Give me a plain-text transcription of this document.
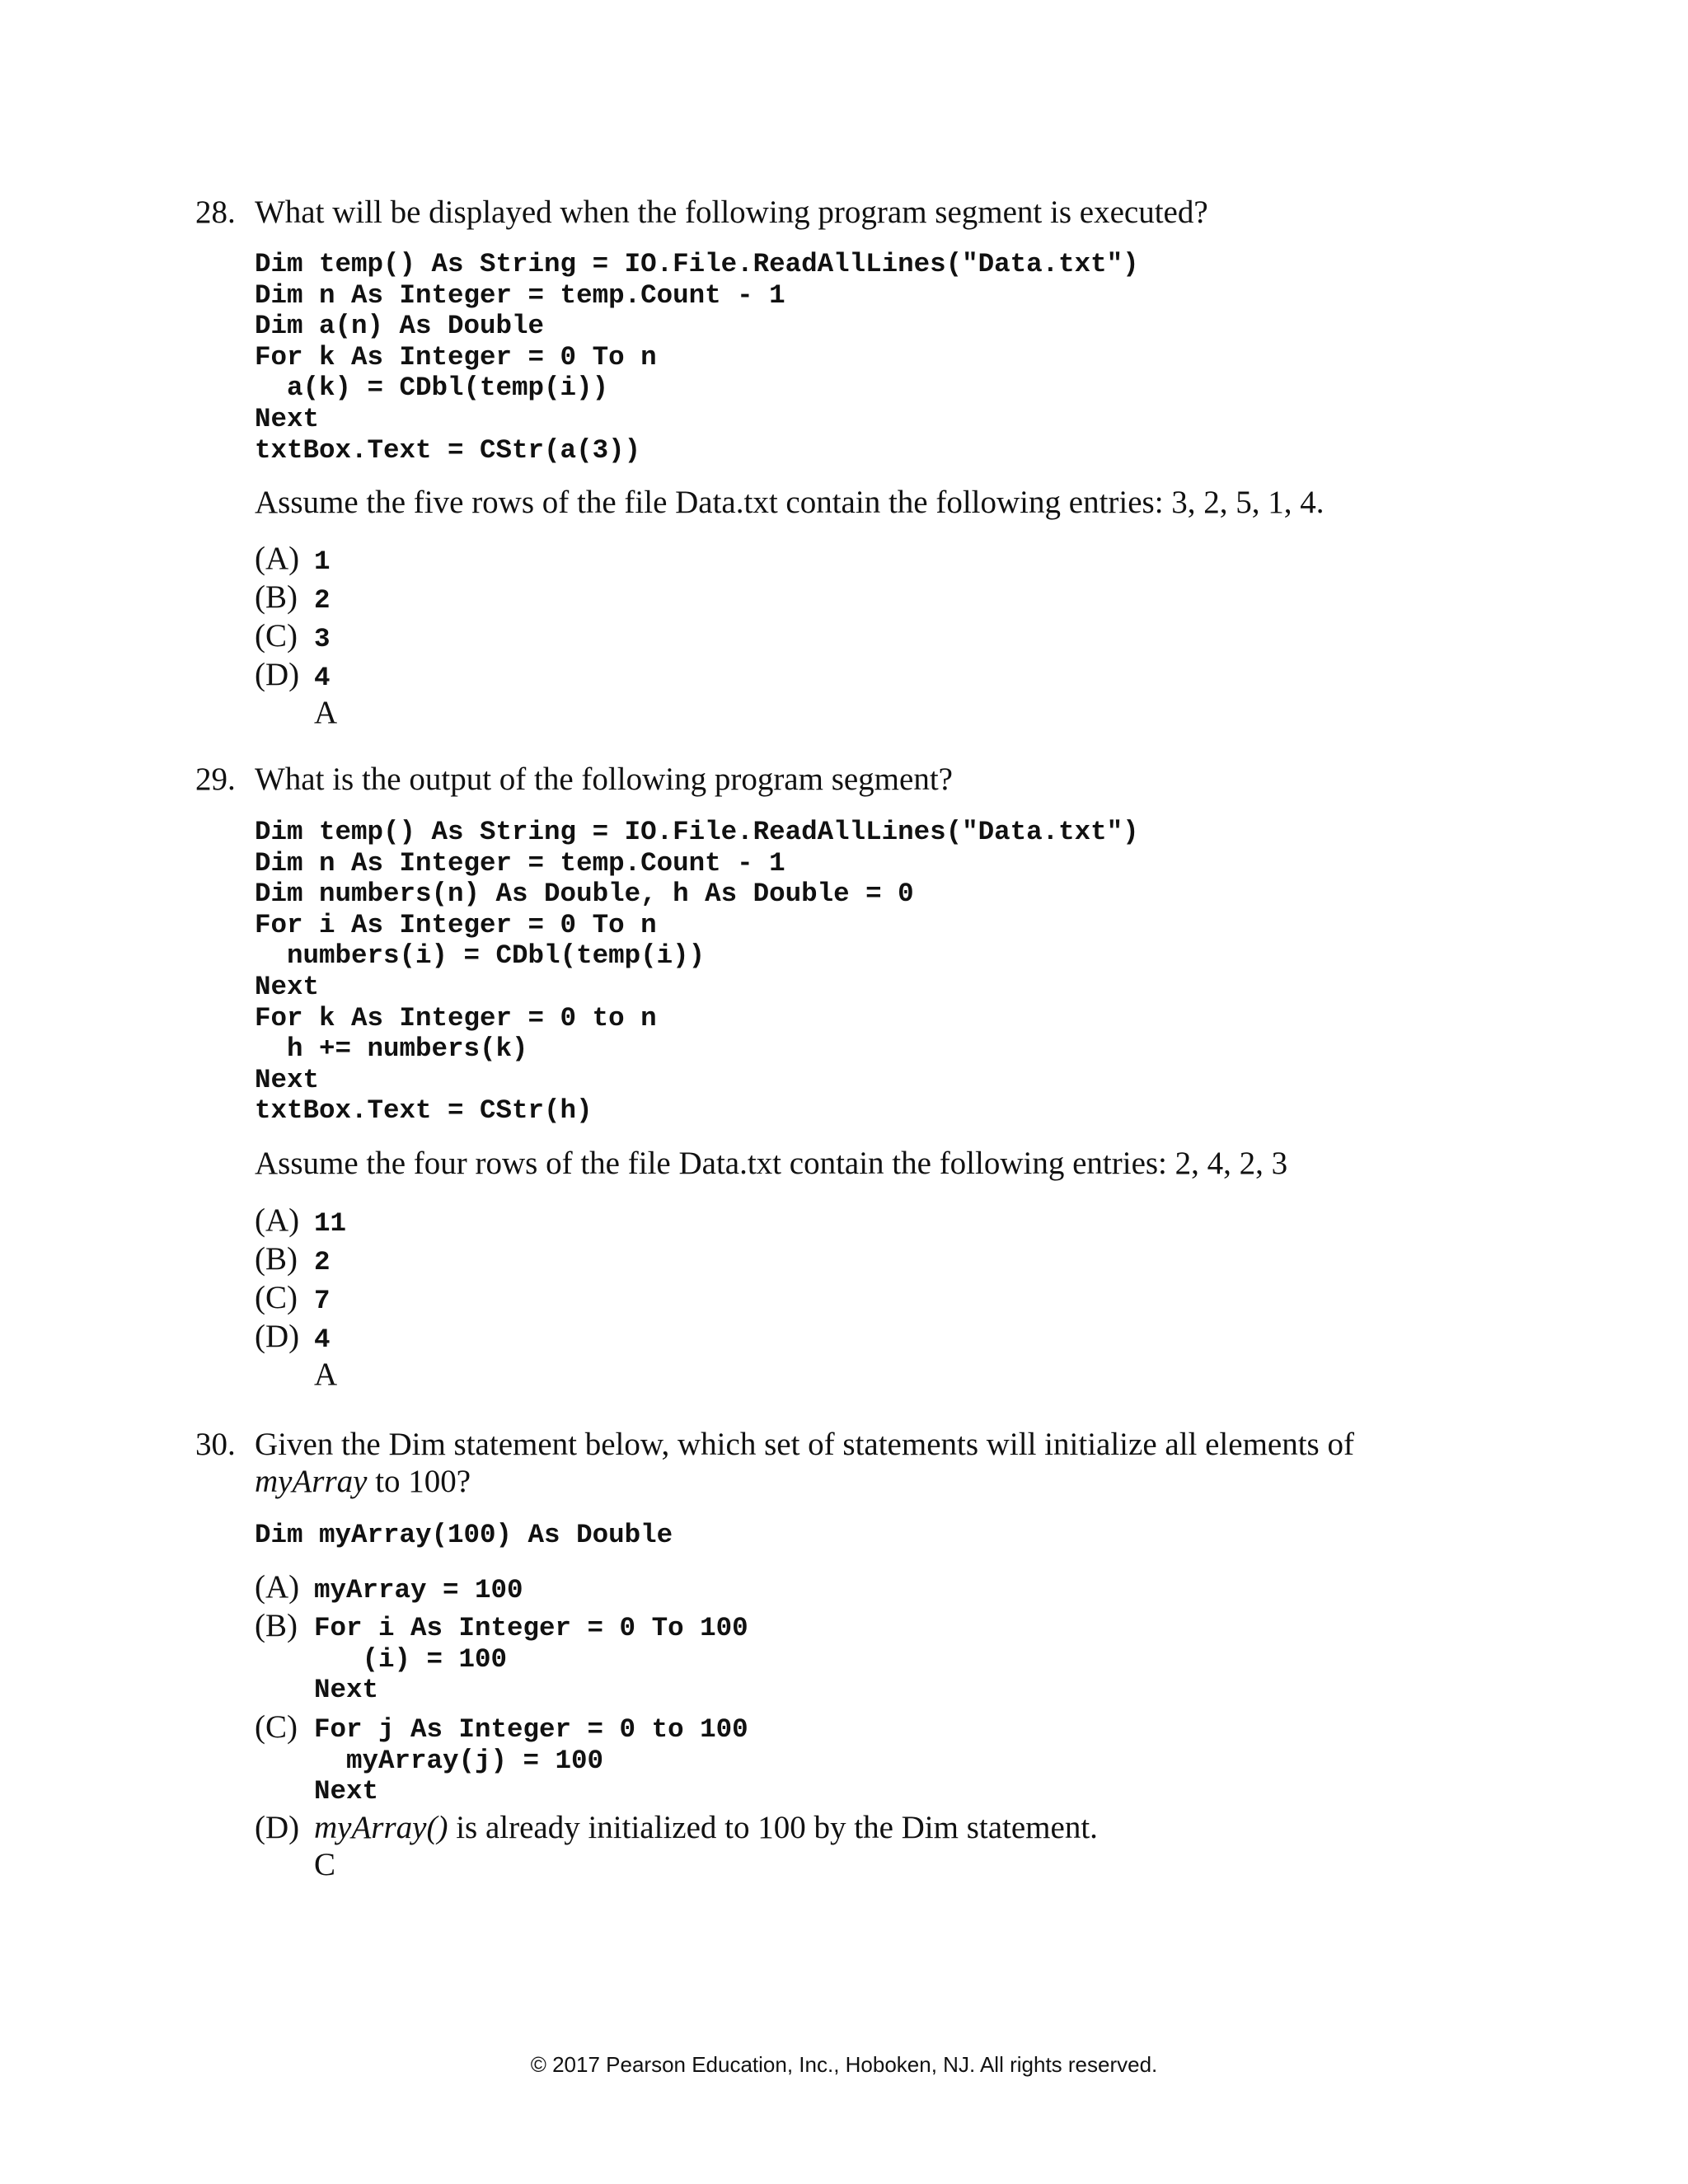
28. What will be displayed when the following program segment is executed?
Dim temp() As String = IO.File.ReadAllLines("Data.txt")
Dim n As Integer = temp.Count - 1
Dim a(n) As Double
For k As Integer = 0 To n
a(k) = CDbl(temp(i))
Next
txtBox.Text = CStr(a(3))
Assume the five rows of the file Data.txt contain the following entries: 3, 2, 5, 1, 4.
(A) 1
(B) 2
(C) 3
(D) 4
A
29. What is the output of the following program segment?
Dim temp() As String = IO.File.ReadAllLines("Data.txt")
Dim n As Integer = temp.Count - 1
Dim numbers(n) As Double, h As Double = 0
For i As Integer = 0 To n
numbers(i) = CDbl(temp(i))
Next
For k As Integer = 0 to n
h += numbers(k)
Next
txtBox.Text = CStr(h)
Assume the four rows of the file Data.txt contain the following entries: 2, 4, 2, 3
(A) 11
(B) 2
(C) 7
(D) 4
A
30. Given the Dim statement below, which set of statements will initialize all elements of
myArray to 100?
Dim myArray(100) As Double
(A) myArray = 100
(B) For i As Integer = 0 To 100
(i) = 100
Next
(C) For j As Integer = 0 to 100
myArray(j) = 100
Next
(D) myArray() is already initialized to 100 by the Dim statement.
C
© 2017 Pearson Education, Inc., Hoboken, NJ. All rights reserved.
